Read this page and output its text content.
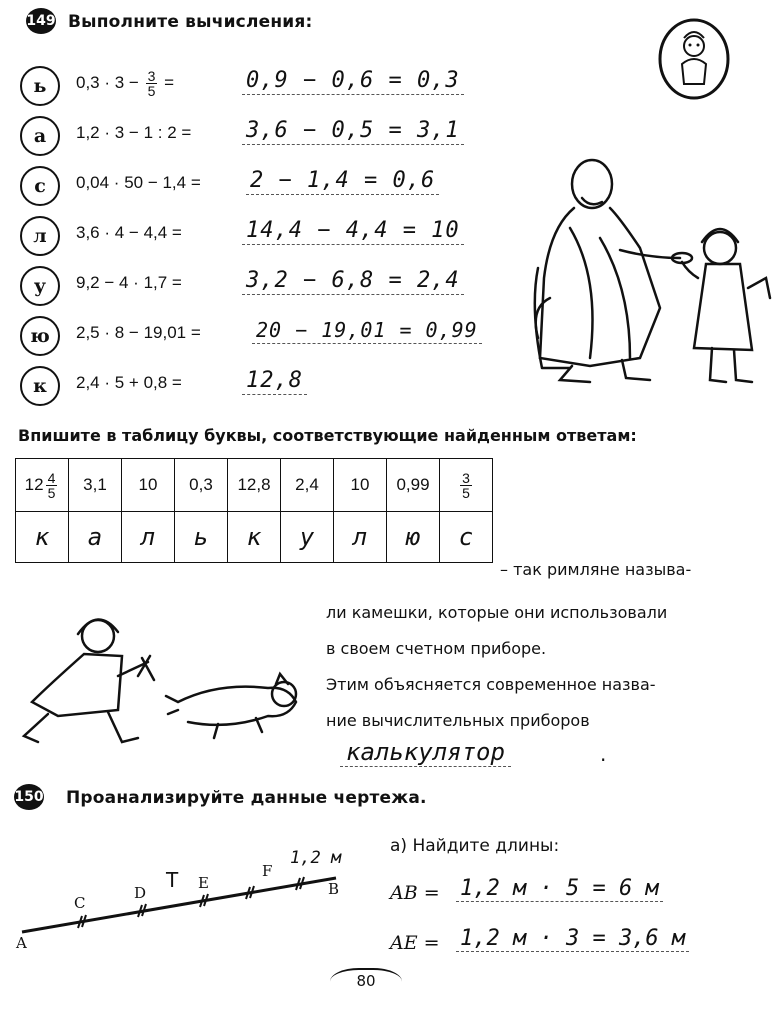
149 Выполните вычисления:
ь	$0,3 \cdot 3 - \frac{3}{5}$ =	0,9 − 0,6 = 0,3
а	1,2 · 3 − 1 : 2 = 3,6 − 0,5 = 3,1
с	0,04 · 50 − 1,4 = 2 − 1,4 = 0,6
л	3,6 · 4 − 4,4 =	14,4 − 4,4 = 10
у	9,2 − 4 · 1,7 =	3,2 − 6,8 = 2,4
ю	2,5 · 8 − 19,01 =	20 − 19,01 = 0,99
к	2,4 · 5 + 0,8 =	12,8
Впишите в таблицу буквы, соответствующие найденным ответам:
$12 \frac{4}{5}$	3,1	10	0,3	12,8	2,4	10	0,99	$\frac{3}{5}$

к	а	л	ь	к	у	л	ю	с
– так римляне называ-
ли камешки, которые они использовали
в своем счетном приборе.
Этим объясняется современное назва-
ние вычислительных приборов
калькулятор	.
150 Проанализируйте данные чертежа.
A
C
D
T E
F
B
1,2 м
а) Найдите длины:
AB = 1,2 м · 5 = 6 м
AE = 1,2 м · 3 = 3,6 м
80
